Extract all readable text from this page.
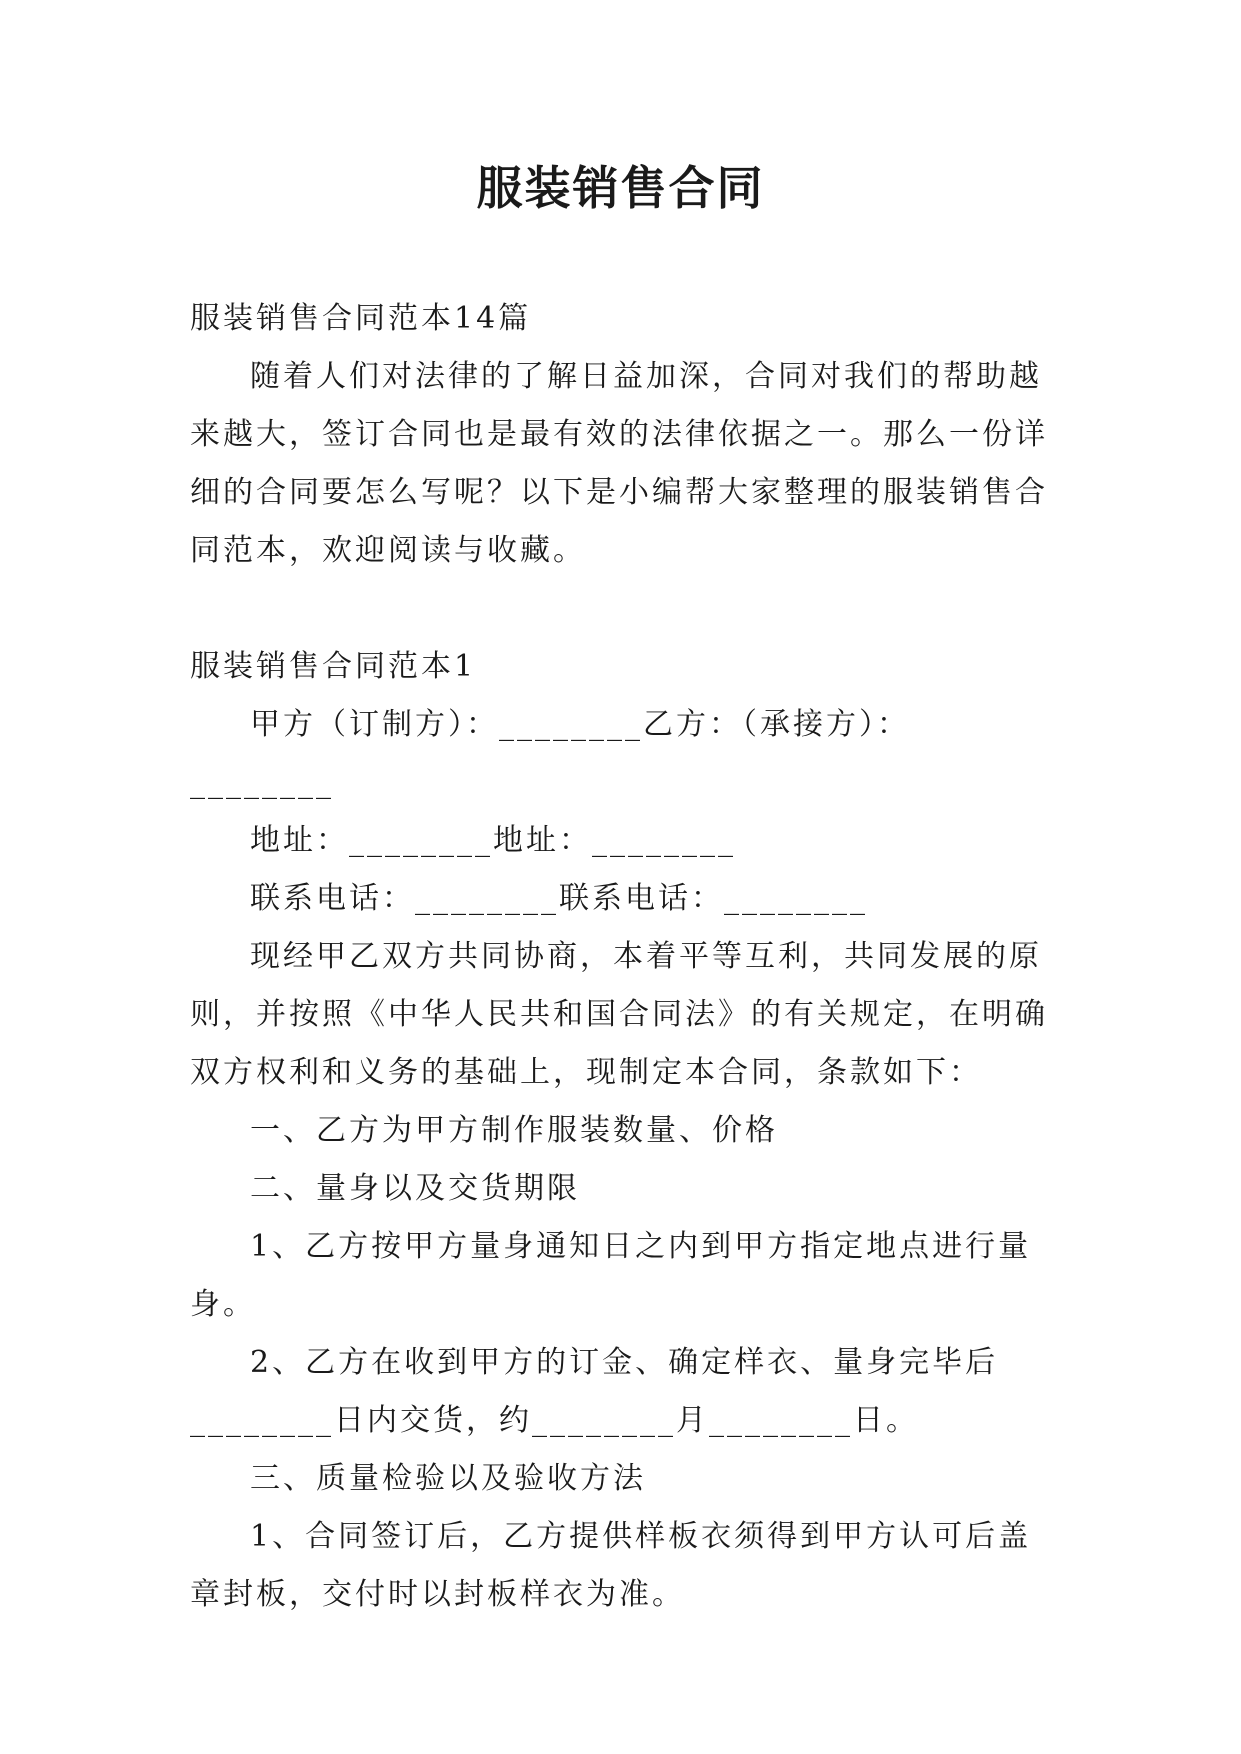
服装销售合同

服装销售合同范本14篇

随着人们对法律的了解日益加深，合同对我们的帮助越来越大，签订合同也是最有效的法律依据之一。那么一份详细的合同要怎么写呢？以下是小编帮大家整理的服装销售合同范本，欢迎阅读与收藏。

服装销售合同范本1

甲方（订制方）：________乙方：（承接方）：________

地址：________地址：________

联系电话：________联系电话：________

现经甲乙双方共同协商，本着平等互利，共同发展的原则，并按照《中华人民共和国合同法》的有关规定，在明确双方权利和义务的基础上，现制定本合同，条款如下：

一、乙方为甲方制作服装数量、价格

二、量身以及交货期限

1、乙方按甲方量身通知日之内到甲方指定地点进行量身。

2、乙方在收到甲方的订金、确定样衣、量身完毕后________日内交货，约________月________日。

三、质量检验以及验收方法

1、合同签订后，乙方提供样板衣须得到甲方认可后盖章封板，交付时以封板样衣为准。
